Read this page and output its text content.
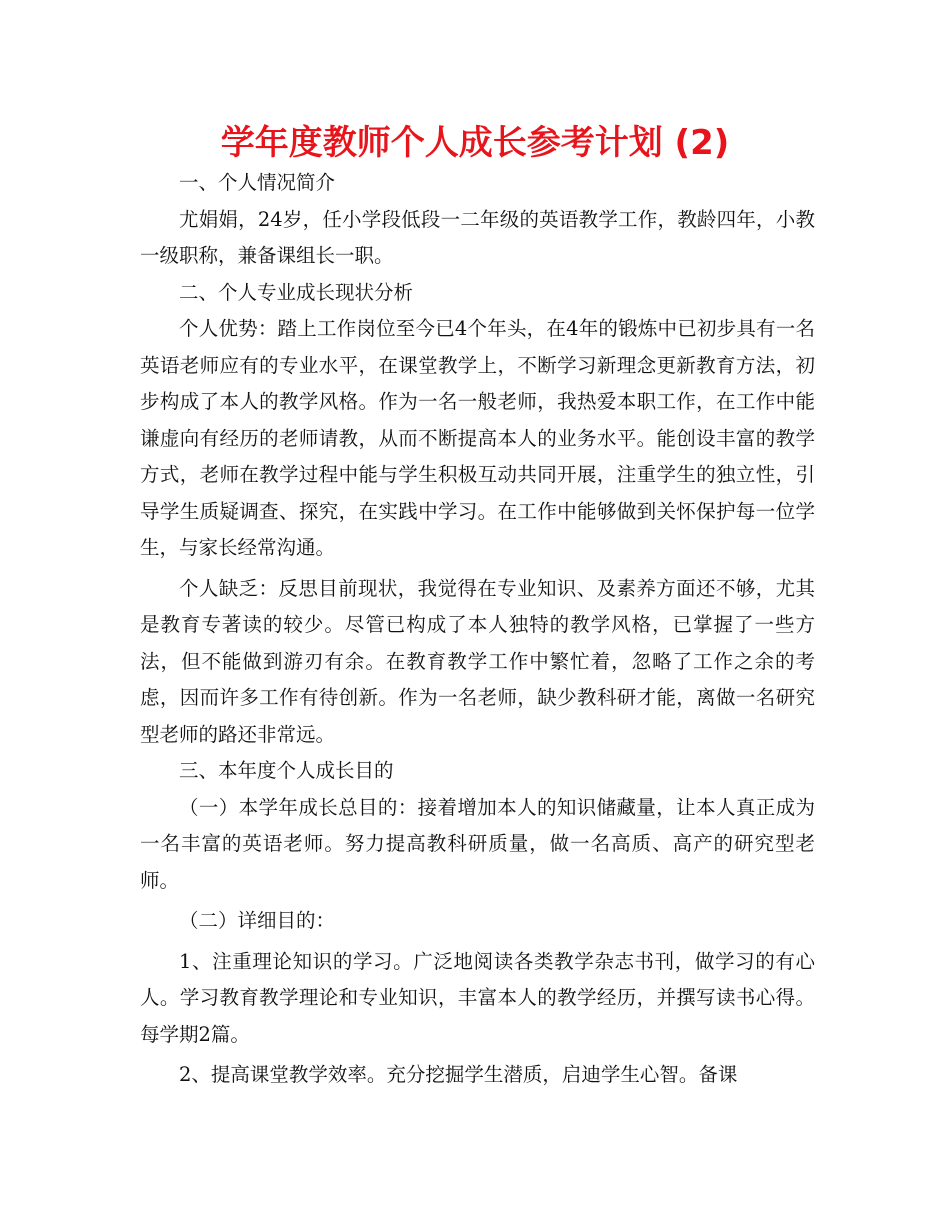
学年度教师个人成长参考计划 (2)

一、个人情况简介

尤娟娟，24岁，任小学段低段一二年级的英语教学工作，教龄四年，小教一级职称，兼备课组长一职。

二、个人专业成长现状分析

个人优势：踏上工作岗位至今已4个年头，在4年的锻炼中已初步具有一名英语老师应有的专业水平，在课堂教学上，不断学习新理念更新教育方法，初步构成了本人的教学风格。作为一名一般老师，我热爱本职工作，在工作中能谦虚向有经历的老师请教，从而不断提高本人的业务水平。能创设丰富的教学方式，老师在教学过程中能与学生积极互动共同开展，注重学生的独立性，引导学生质疑调查、探究，在实践中学习。在工作中能够做到关怀保护每一位学生，与家长经常沟通。

个人缺乏：反思目前现状，我觉得在专业知识、及素养方面还不够，尤其是教育专著读的较少。尽管已构成了本人独特的教学风格，已掌握了一些方法，但不能做到游刃有余。在教育教学工作中繁忙着，忽略了工作之余的考虑，因而许多工作有待创新。作为一名老师，缺少教科研才能，离做一名研究型老师的路还非常远。

三、本年度个人成长目的

（一）本学年成长总目的：接着增加本人的知识储藏量，让本人真正成为一名丰富的英语老师。努力提高教科研质量，做一名高质、高产的研究型老师。

（二）详细目的：

1、注重理论知识的学习。广泛地阅读各类教学杂志书刊，做学习的有心人。学习教育教学理论和专业知识，丰富本人的教学经历，并撰写读书心得。每学期2篇。

2、提高课堂教学效率。充分挖掘学生潜质，启迪学生心智。备课
